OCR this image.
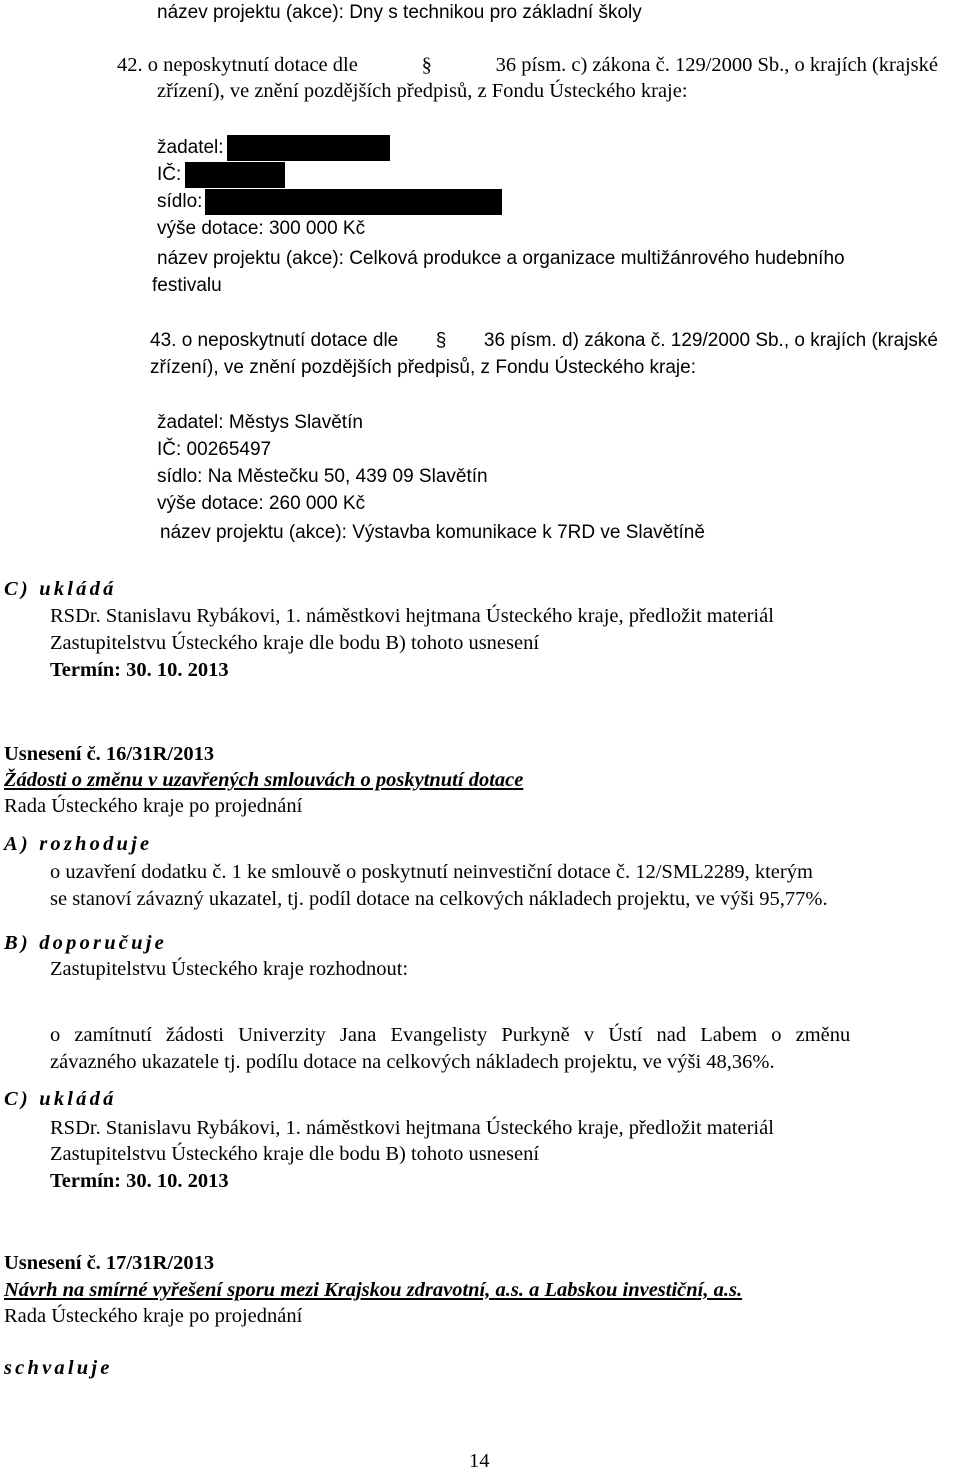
název projektu (akce): Dny s technikou pro základní školy
42. o neposkytnutí dotace dle	§	36 písm. c) zákona č. 129/2000 Sb., o krajích (krajské
zřízení), ve znění pozdějších předpisů, z Fondu Ústeckého kraje:
žadatel:
IČ:
sídlo:
výše dotace: 300 000 Kč
název projektu (akce): Celková produkce a organizace multižánrového hudebního
festivalu
43. o neposkytnutí dotace dle § 36 písm. d) zákona č. 129/2000 Sb., o krajích (krajské
zřízení), ve znění pozdějších předpisů, z Fondu Ústeckého kraje:
žadatel: Městys Slavětín
IČ: 00265497
sídlo: Na Městečku 50, 439 09 Slavětín
výše dotace: 260 000 Kč
název projektu (akce): Výstavba komunikace k 7RD ve Slavětíně
C) ukládá
RSDr. Stanislavu Rybákovi, 1. náměstkovi hejtmana Ústeckého kraje, předložit materiál
Zastupitelstvu Ústeckého kraje dle bodu B) tohoto usnesení
Termín: 30. 10. 2013
Usnesení č. 16/31R/2013
Žádosti o změnu v uzavřených smlouvách o poskytnutí dotace
Rada Ústeckého kraje po projednání
A) rozhoduje
o uzavření dodatku č. 1 ke smlouvě o poskytnutí neinvestiční dotace č. 12/SML2289, kterým
se stanoví závazný ukazatel, tj. podíl dotace na celkových nákladech projektu, ve výši 95,77%.
B) doporučuje
Zastupitelstvu Ústeckého kraje rozhodnout:
o zamítnutí žádosti Univerzity Jana Evangelisty Purkyně v Ústí nad Labem o změnu
závazného ukazatele tj. podílu dotace na celkových nákladech projektu, ve výši 48,36%.
C) ukládá
RSDr. Stanislavu Rybákovi, 1. náměstkovi hejtmana Ústeckého kraje, předložit materiál
Zastupitelstvu Ústeckého kraje dle bodu B) tohoto usnesení
Termín: 30. 10. 2013
Usnesení č. 17/31R/2013
Návrh na smírné vyřešení sporu mezi Krajskou zdravotní, a.s. a Labskou investiční, a.s.
Rada Ústeckého kraje po projednání
schvaluje
14
